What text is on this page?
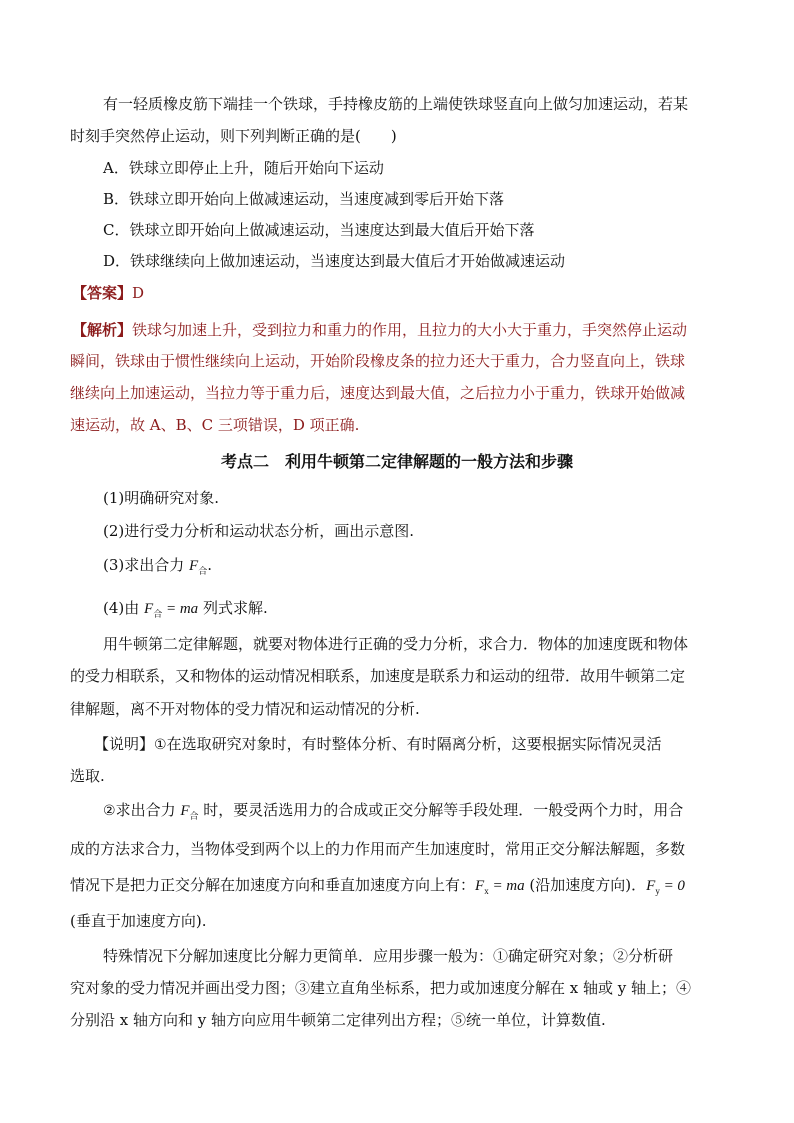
有一轻质橡皮筋下端挂一个铁球，手持橡皮筋的上端使铁球竖直向上做匀加速运动，若某
时刻手突然停止运动，则下列判断正确的是(　　)
A．铁球立即停止上升，随后开始向下运动
B．铁球立即开始向上做减速运动，当速度减到零后开始下落
C．铁球立即开始向上做减速运动，当速度达到最大值后开始下落
D．铁球继续向上做加速运动，当速度达到最大值后才开始做减速运动
【答案】D
【解析】铁球匀加速上升，受到拉力和重力的作用，且拉力的大小大于重力，手突然停止运动
瞬间，铁球由于惯性继续向上运动，开始阶段橡皮条的拉力还大于重力，合力竖直向上，铁球
继续向上加速运动，当拉力等于重力后，速度达到最大值，之后拉力小于重力，铁球开始做减
速运动，故 A、B、C 三项错误，D 项正确.
考点二　利用牛顿第二定律解题的一般方法和步骤
(1)明确研究对象.
(2)进行受力分析和运动状态分析，画出示意图.
(3)求出合力 $F_合$.
(4)由 $F_合$ = ma 列式求解.
用牛顿第二定律解题，就要对物体进行正确的受力分析，求合力．物体的加速度既和物体
的受力相联系，又和物体的运动情况相联系，加速度是联系力和运动的纽带．故用牛顿第二定
律解题，离不开对物体的受力情况和运动情况的分析.
【说明】①在选取研究对象时，有时整体分析、有时隔离分析，这要根据实际情况灵活
选取.
②求出合力 $F_合$ 时，要灵活选用力的合成或正交分解等手段处理．一般受两个力时，用合
成的方法求合力，当物体受到两个以上的力作用而产生加速度时，常用正交分解法解题，多数
情况下是把力正交分解在加速度方向和垂直加速度方向上有：$F_x$ = ma (沿加速度方向)．$F_y = 0$
(垂直于加速度方向).
特殊情况下分解加速度比分解力更简单．应用步骤一般为：①确定研究对象；②分析研
究对象的受力情况并画出受力图；③建立直角坐标系，把力或加速度分解在 x 轴或 y 轴上；④
分别沿 x 轴方向和 y 轴方向应用牛顿第二定律列出方程；⑤统一单位，计算数值.
